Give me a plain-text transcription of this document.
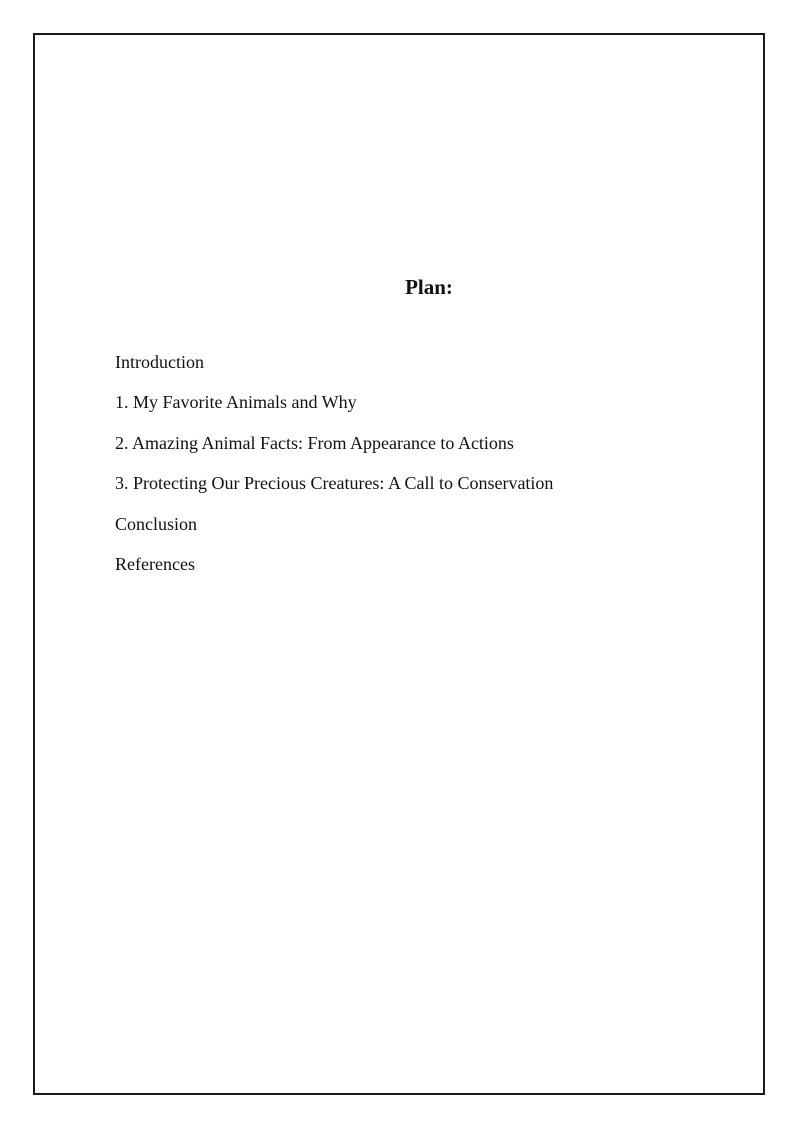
Plan:
Introduction
1. My Favorite Animals and Why
2. Amazing Animal Facts: From Appearance to Actions
3. Protecting Our Precious Creatures: A Call to Conservation
Conclusion
References
